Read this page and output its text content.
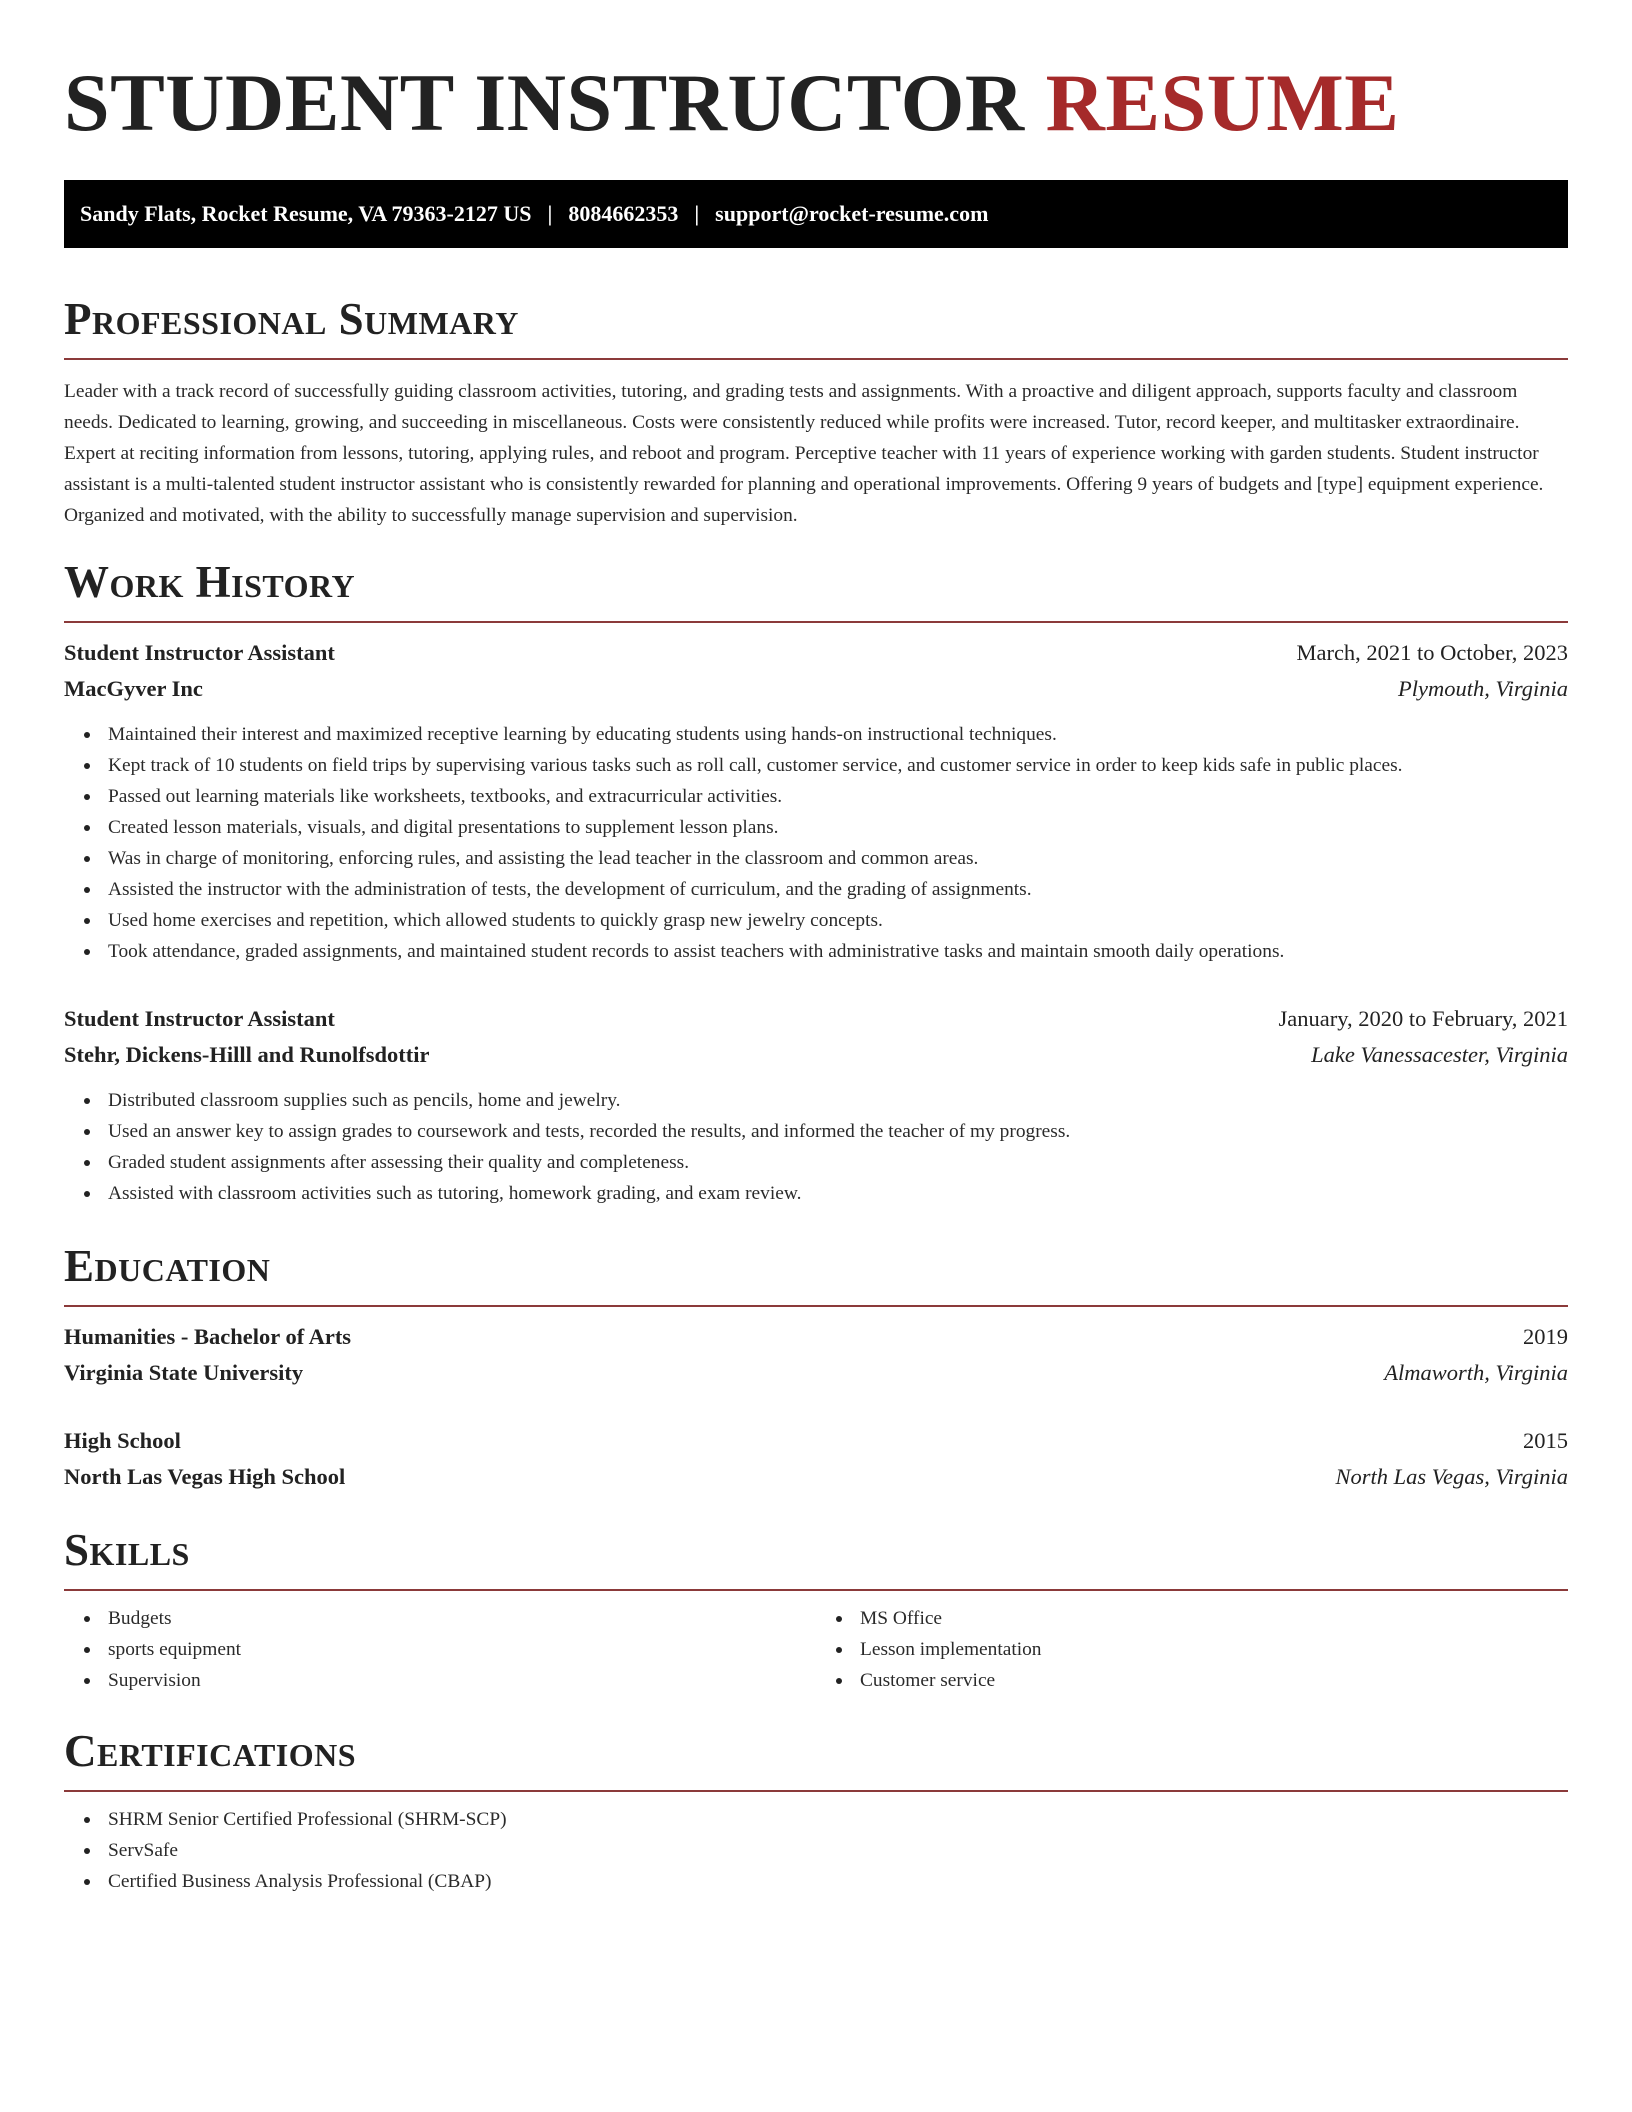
STUDENT INSTRUCTOR RESUME
Sandy Flats, Rocket Resume, VA 79363-2127 US | 8084662353 | support@rocket-resume.com
Professional Summary

Leader with a track record of successfully guiding classroom activities, tutoring, and grading tests and assignments. With a proactive and diligent approach, supports faculty and classroom needs. Dedicated to learning, growing, and succeeding in miscellaneous. Costs were consistently reduced while profits were increased. Tutor, record keeper, and multitasker extraordinaire. Expert at reciting information from lessons, tutoring, applying rules, and reboot and program. Perceptive teacher with 11 years of experience working with garden students. Student instructor assistant is a multi-talented student instructor assistant who is consistently rewarded for planning and operational improvements. Offering 9 years of budgets and [type] equipment experience. Organized and motivated, with the ability to successfully manage supervision and supervision.

Work History
Student Instructor Assistant	March, 2021 to October, 2023
MacGyver Inc	Plymouth, Virginia
Maintained their interest and maximized receptive learning by educating students using hands-on instructional techniques.
Kept track of 10 students on field trips by supervising various tasks such as roll call, customer service, and customer service in order to keep kids safe in public places.
Passed out learning materials like worksheets, textbooks, and extracurricular activities.
Created lesson materials, visuals, and digital presentations to supplement lesson plans.
Was in charge of monitoring, enforcing rules, and assisting the lead teacher in the classroom and common areas.
Assisted the instructor with the administration of tests, the development of curriculum, and the grading of assignments.
Used home exercises and repetition, which allowed students to quickly grasp new jewelry concepts.
Took attendance, graded assignments, and maintained student records to assist teachers with administrative tasks and maintain smooth daily operations.
Student Instructor Assistant	January, 2020 to February, 2021
Stehr, Dickens-Hilll and Runolfsdottir	Lake Vanessacester, Virginia
Distributed classroom supplies such as pencils, home and jewelry.
Used an answer key to assign grades to coursework and tests, recorded the results, and informed the teacher of my progress.
Graded student assignments after assessing their quality and completeness.
Assisted with classroom activities such as tutoring, homework grading, and exam review.
Education
Humanities - Bachelor of Arts	2019
Virginia State University	Almaworth, Virginia
High School	2015
North Las Vegas High School	North Las Vegas, Virginia
Skills
Budgets
sports equipment
Supervision
MS Office
Lesson implementation
Customer service
Certifications
SHRM Senior Certified Professional (SHRM-SCP)
ServSafe
Certified Business Analysis Professional (CBAP)
